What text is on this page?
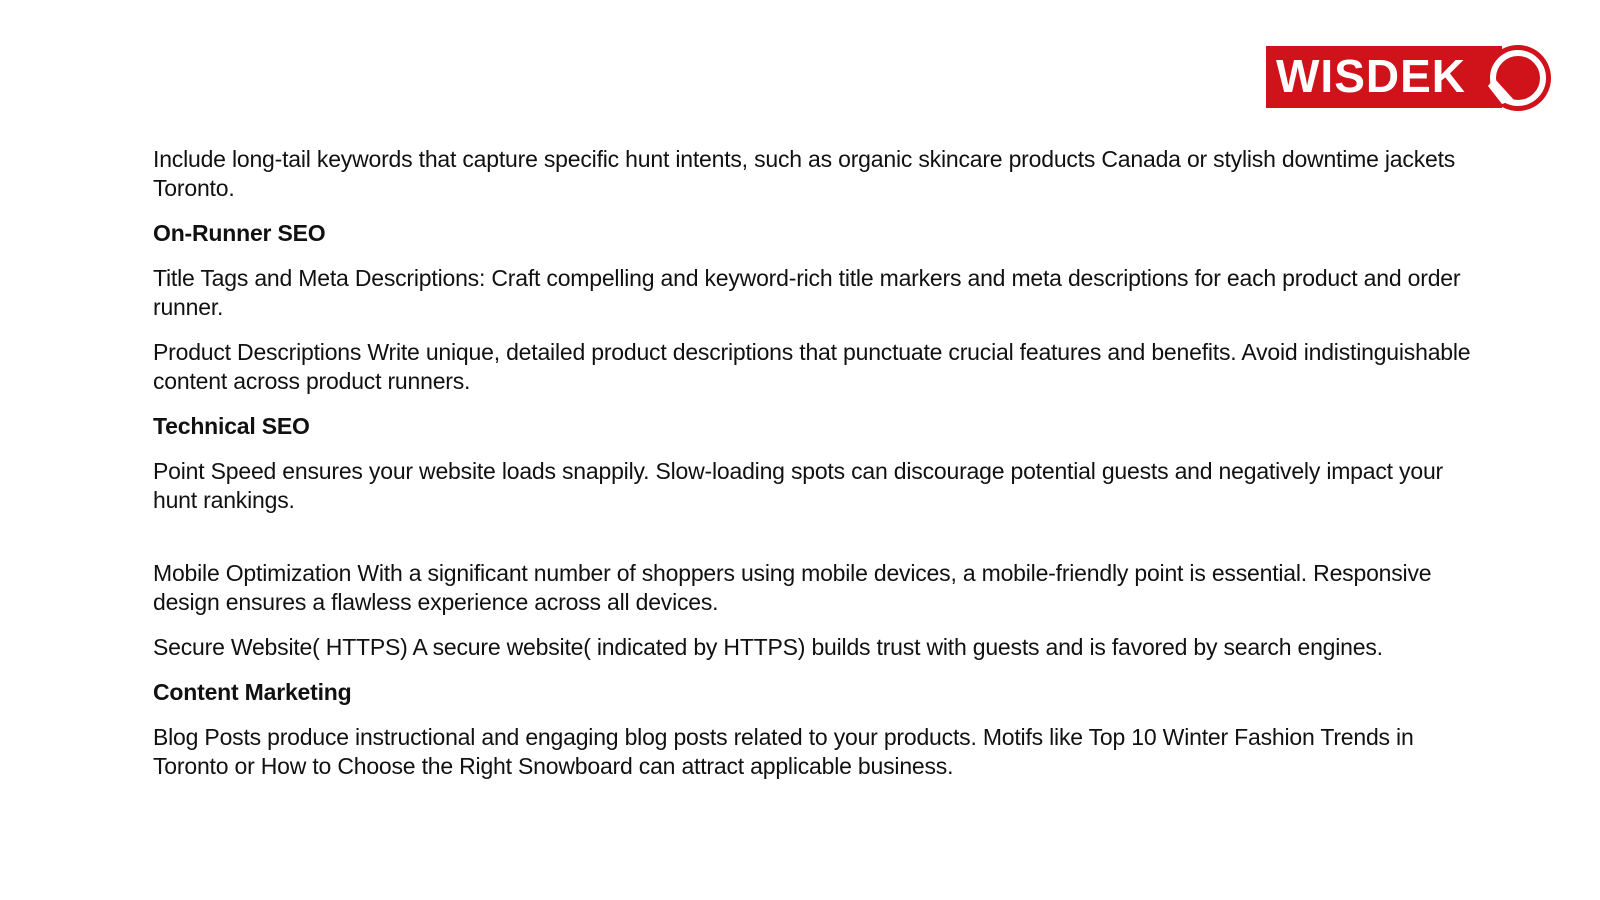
WISDEK

Include long-tail keywords that capture specific hunt intents, such as organic skincare products Canada or stylish downtime jackets Toronto.

On-Runner SEO

Title Tags and Meta Descriptions: Craft compelling and keyword-rich title markers and meta descriptions for each product and order runner.

Product Descriptions Write unique, detailed product descriptions that punctuate crucial features and benefits. Avoid indistinguishable content across product runners.

Technical SEO

Point Speed ensures your website loads snappily. Slow-loading spots can discourage potential guests and negatively impact your hunt rankings.

Mobile Optimization With a significant number of shoppers using mobile devices, a mobile-friendly point is essential. Responsive design ensures a flawless experience across all devices.

Secure Website( HTTPS) A secure website( indicated by HTTPS) builds trust with guests and is favored by search engines.

Content Marketing

Blog Posts produce instructional and engaging blog posts related to your products. Motifs like Top 10 Winter Fashion Trends in Toronto or How to Choose the Right Snowboard can attract applicable business.
